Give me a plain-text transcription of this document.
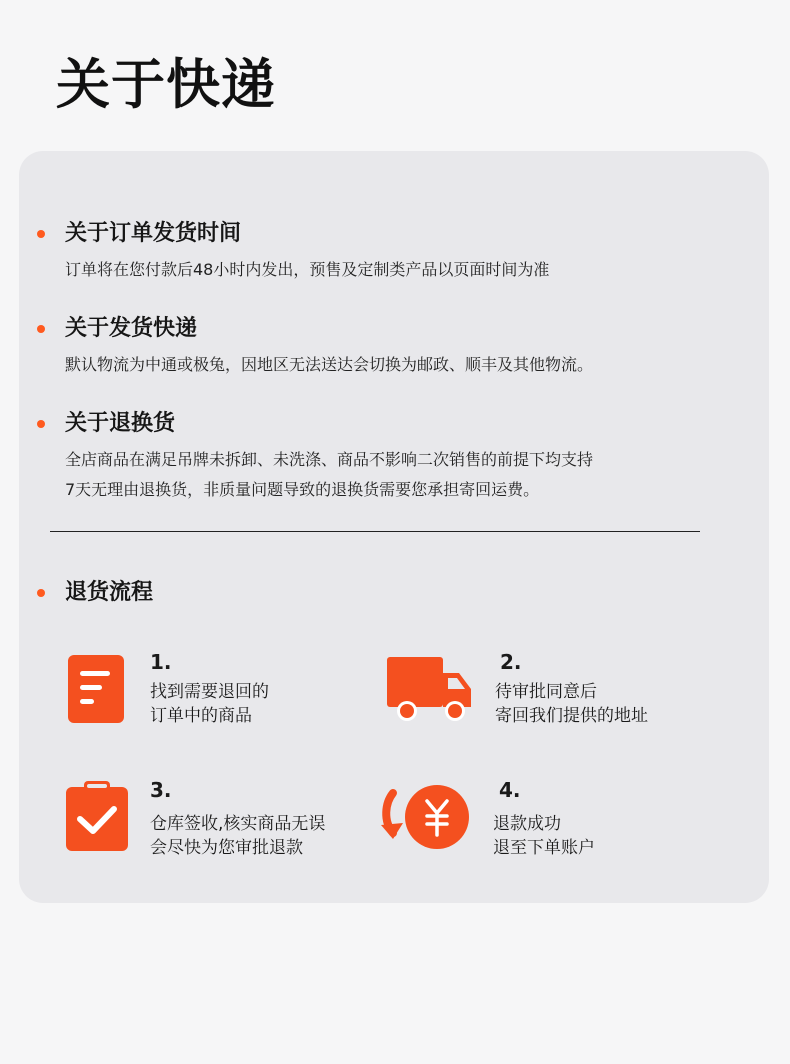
关于快递
关于订单发货时间
订单将在您付款后48小时内发出，预售及定制类产品以页面时间为准
关于发货快递
默认物流为中通或极兔，因地区无法送达会切换为邮政、顺丰及其他物流。
关于退换货
全店商品在满足吊牌未拆卸、未洗涤、商品不影响二次销售的前提下均支持
7天无理由退换货，非质量问题导致的退换货需要您承担寄回运费。
退货流程
1.
找到需要退回的
订单中的商品
2.
待审批同意后
寄回我们提供的地址
3.
仓库签收,核实商品无误
会尽快为您审批退款
4.
退款成功
退至下单账户
